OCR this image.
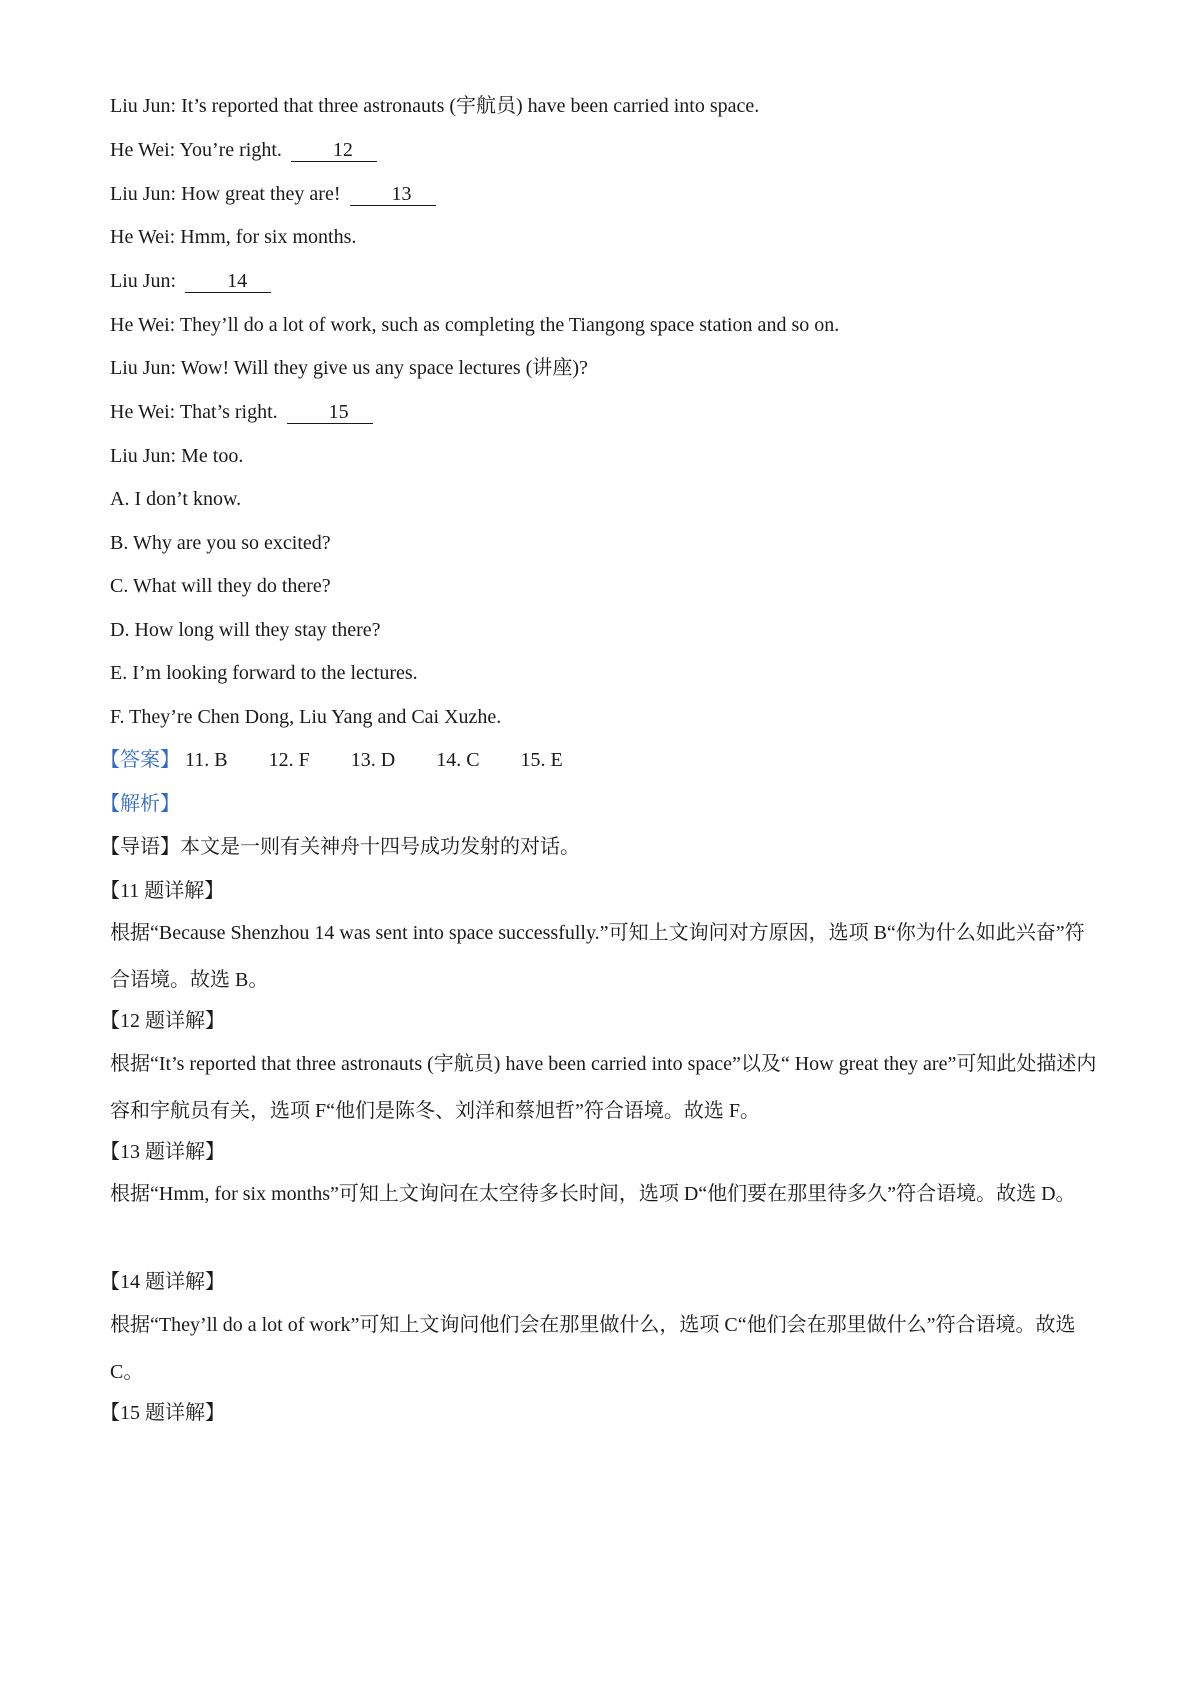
Liu Jun: It’s reported that three astronauts (宇航员) have been carried into space.
He Wei: You’re right.	12
Liu Jun: How great they are!	13
He Wei: Hmm, for six months.
Liu Jun:	14
He Wei: They’ll do a lot of work, such as completing the Tiangong space station and so on.
Liu Jun: Wow! Will they give us any space lectures (讲座)?
He Wei: That’s right.	15
Liu Jun: Me too.
A. I don’t know.
B. Why are you so excited?
C. What will they do there?
D. How long will they stay there?
E. I’m looking forward to the lectures.
F. They’re Chen Dong, Liu Yang and Cai Xuzhe.
【答案】 11. B 12. F 13. D 14. C 15. E
【解析】
【导语】本文是一则有关神舟十四号成功发射的对话。
【11 题详解】
根据“Because Shenzhou 14 was sent into space successfully.”可知上文询问对方原因，选项 B“你为什么如此兴奋”符合语境。故选 B。
【12 题详解】
根据“It’s reported that three astronauts (宇航员) have been carried into space”以及“ How great they are”可知此处描述内容和宇航员有关，选项 F“他们是陈冬、刘洋和蔡旭哲”符合语境。故选 F。
【13 题详解】
根据“Hmm, for six months”可知上文询问在太空待多长时间，选项 D“他们要在那里待多久”符合语境。故选 D。
【14 题详解】
根据“They’ll do a lot of work”可知上文询问他们会在那里做什么，选项 C“他们会在那里做什么”符合语境。故选 C。
【15 题详解】
